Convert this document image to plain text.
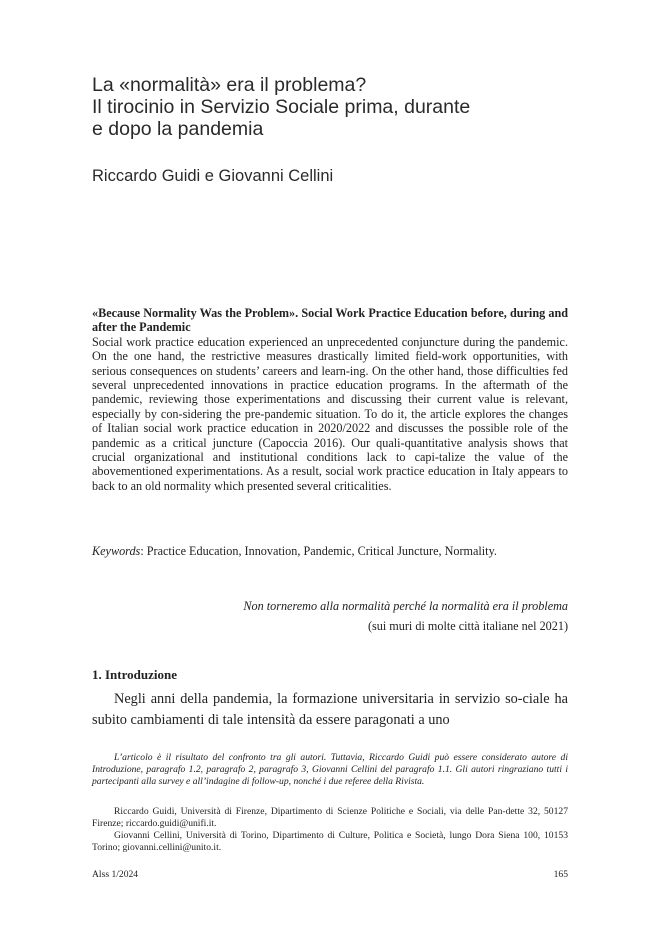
La «normalità» era il problema?
Il tirocinio in Servizio Sociale prima, durante
e dopo la pandemia

Riccardo Guidi e Giovanni Cellini

«Because Normality Was the Problem». Social Work Practice Education before, during and after the Pandemic
Social work practice education experienced an unprecedented conjuncture during the pandemic. On the one hand, the restrictive measures drastically limited field-work opportunities, with serious consequences on students’ careers and learn-ing. On the other hand, those difficulties fed several unprecedented innovations in practice education programs. In the aftermath of the pandemic, reviewing those experimentations and discussing their current value is relevant, especially by con-sidering the pre-pandemic situation. To do it, the article explores the changes of Italian social work practice education in 2020/2022 and discusses the possible role of the pandemic as a critical juncture (Capoccia 2016). Our quali-quantitative analysis shows that crucial organizational and institutional conditions lack to capi-talize the value of the abovementioned experimentations. As a result, social work practice education in Italy appears to back to an old normality which presented several criticalities.
Keywords: Practice Education, Innovation, Pandemic, Critical Juncture, Normality.
Non torneremo alla normalità perché la normalità era il problema
(sui muri di molte città italiane nel 2021)
1. Introduzione

Negli anni della pandemia, la formazione universitaria in servizio so-ciale ha subito cambiamenti di tale intensità da essere paragonati a uno

L’articolo è il risultato del confronto tra gli autori. Tuttavia, Riccardo Guidi può essere considerato autore di Introduzione, paragrafo 1.2, paragrafo 2, paragrafo 3, Giovanni Cellini del paragrafo 1.1. Gli autori ringraziano tutti i partecipanti alla survey e all’indagine di follow-up, nonché i due referee della Rivista.

Riccardo Guidi, Università di Firenze, Dipartimento di Scienze Politiche e Sociali, via delle Pan-dette 32, 50127 Firenze; riccardo.guidi@unifi.it.

Giovanni Cellini, Università di Torino, Dipartimento di Culture, Politica e Società, lungo Dora Siena 100, 10153 Torino; giovanni.cellini@unito.it.

Alss 1/2024	165
